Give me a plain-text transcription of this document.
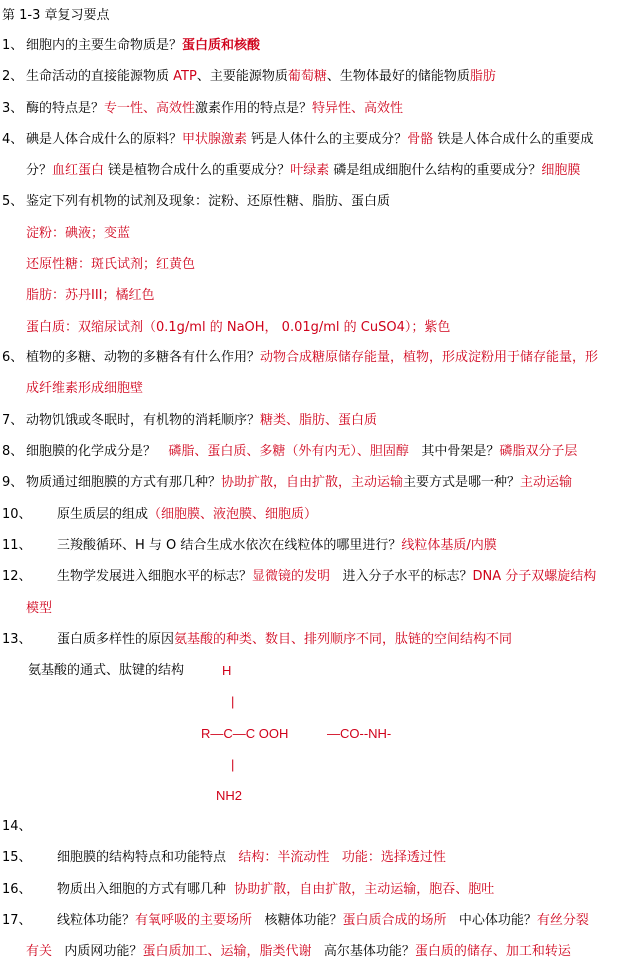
第 1-3 章复习要点
1、 细胞内的主要生命物质是？蛋白质和核酸
2、 生命活动的直接能源物质 ATP、主要能源物质葡萄糖、生物体最好的储能物质脂肪
3、 酶的特点是？专一性、高效性激素作用的特点是？特异性、高效性
4、 碘是人体合成什么的原料？甲状腺激素 钙是人体什么的主要成分？骨骼 铁是人体合成什么的重要成
分？血红蛋白 镁是植物合成什么的重要成分？叶绿素 磷是组成细胞什么结构的重要成分？细胞膜
5、 鉴定下列有机物的试剂及现象：淀粉、还原性糖、脂肪、蛋白质
淀粉：碘液；变蓝
还原性糖：斑氏试剂；红黄色
脂肪：苏丹III；橘红色
蛋白质：双缩尿试剂（0.1g/ml 的 NaOH， 0.01g/ml 的 CuSO4）；紫色
6、 植物的多糖、动物的多糖各有什么作用？动物合成糖原储存能量，植物，形成淀粉用于储存能量，形
成纤维素形成细胞壁
7、 动物饥饿或冬眠时，有机物的消耗顺序？糖类、脂肪、蛋白质
8、 细胞膜的化学成分是？ 磷脂、蛋白质、多糖（外有内无）、胆固醇 其中骨架是？磷脂双分子层
9、 物质通过细胞膜的方式有那几种？协助扩散，自由扩散，主动运输主要方式是哪一种？主动运输
10、 原生质层的组成（细胞膜、液泡膜、细胞质）
11、 三羧酸循环、H 与 O 结合生成水依次在线粒体的哪里进行？线粒体基质/内膜
12、 生物学发展进入细胞水平的标志？显微镜的发明 进入分子水平的标志？DNA 分子双螺旋结构
模型
13、 蛋白质多样性的原因氨基酸的种类、数目、排列顺序不同，肽链的空间结构不同
氨基酸的通式、肽键的结构	H
|
R—C—C OOH	—CO--NH-
|
NH2
14、
15、 细胞膜的结构特点和功能特点 结构：半流动性 功能：选择透过性
16、 物质出入细胞的方式有哪几种 协助扩散，自由扩散，主动运输，胞吞、胞吐
17、 线粒体功能？有氧呼吸的主要场所 核糖体功能？蛋白质合成的场所 中心体功能？有丝分裂
有关 内质网功能？蛋白质加工、运输，脂类代谢 高尔基体功能？蛋白质的储存、加工和转运
